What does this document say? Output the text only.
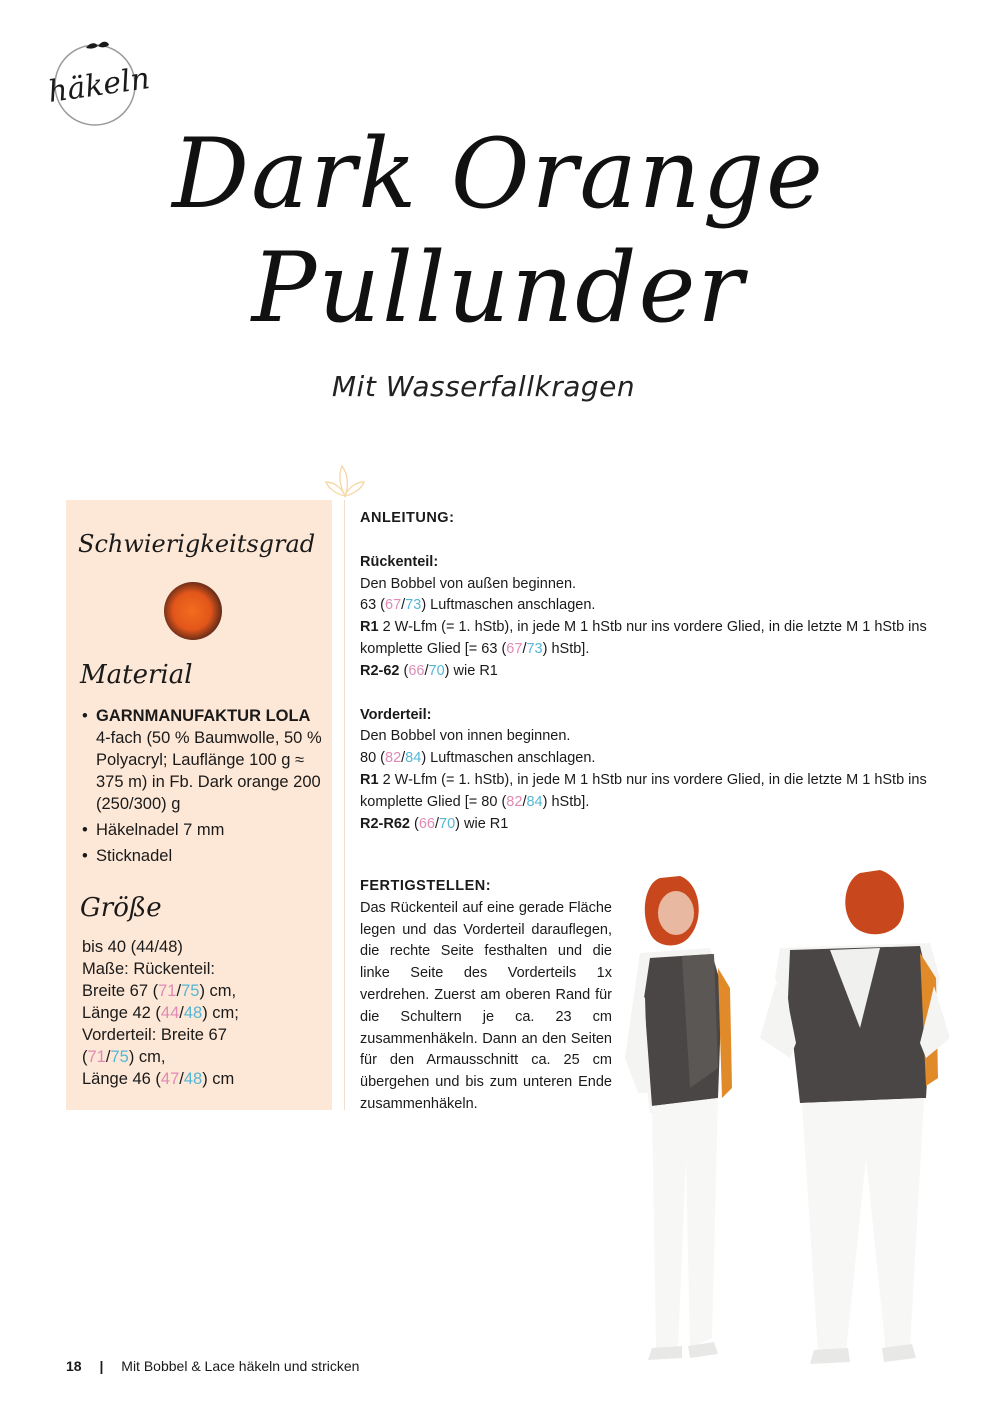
häkeln
Dark Orange
Pullunder
Mit Wasserfallkragen
Schwierigkeitsgrad
Material
• GARNMANUFAKTUR LOLA
4-fach (50 % Baumwolle, 50 % Polyacryl; Lauflänge 100 g ≈ 375 m) in Fb. Dark orange 200 (250/300) g
• Häkelnadel 7 mm
• Sticknadel
Größe
bis 40 (44/48)
Maße: Rückenteil:
Breite 67 (71/75) cm,
Länge 42 (44/48) cm;
Vorderteil: Breite 67
(71/75) cm,
Länge 46 (47/48) cm

ANLEITUNG:

Rückenteil:

Den Bobbel von außen beginnen.

63 (67/73) Luftmaschen anschlagen.

R1 2 W-Lfm (= 1. hStb), in jede M 1 hStb nur ins vordere Glied, in die letzte M 1 hStb ins komplette Glied [= 63 (67/73) hStb].

R2-62 (66/70) wie R1

Vorderteil:

Den Bobbel von innen beginnen.

80 (82/84) Luftmaschen anschlagen.

R1 2 W-Lfm (= 1. hStb), in jede M 1 hStb nur ins vordere Glied, in die letzte M 1 hStb ins komplette Glied [= 80 (82/84) hStb].

R2-R62 (66/70) wie R1

FERTIGSTELLEN:

Das Rückenteil auf eine gerade Fläche legen und das Vorderteil darauflegen, die rechte Seite festhalten und die linke Seite des Vorderteils 1x verdrehen. Zuerst am oberen Rand für die Schultern je ca. 23 cm zusammenhäkeln. Dann an den Seiten für den Armausschnitt ca. 25 cm übergehen und bis zum unteren Ende zusammenhäkeln.

18 | Mit Bobbel & Lace häkeln und stricken
